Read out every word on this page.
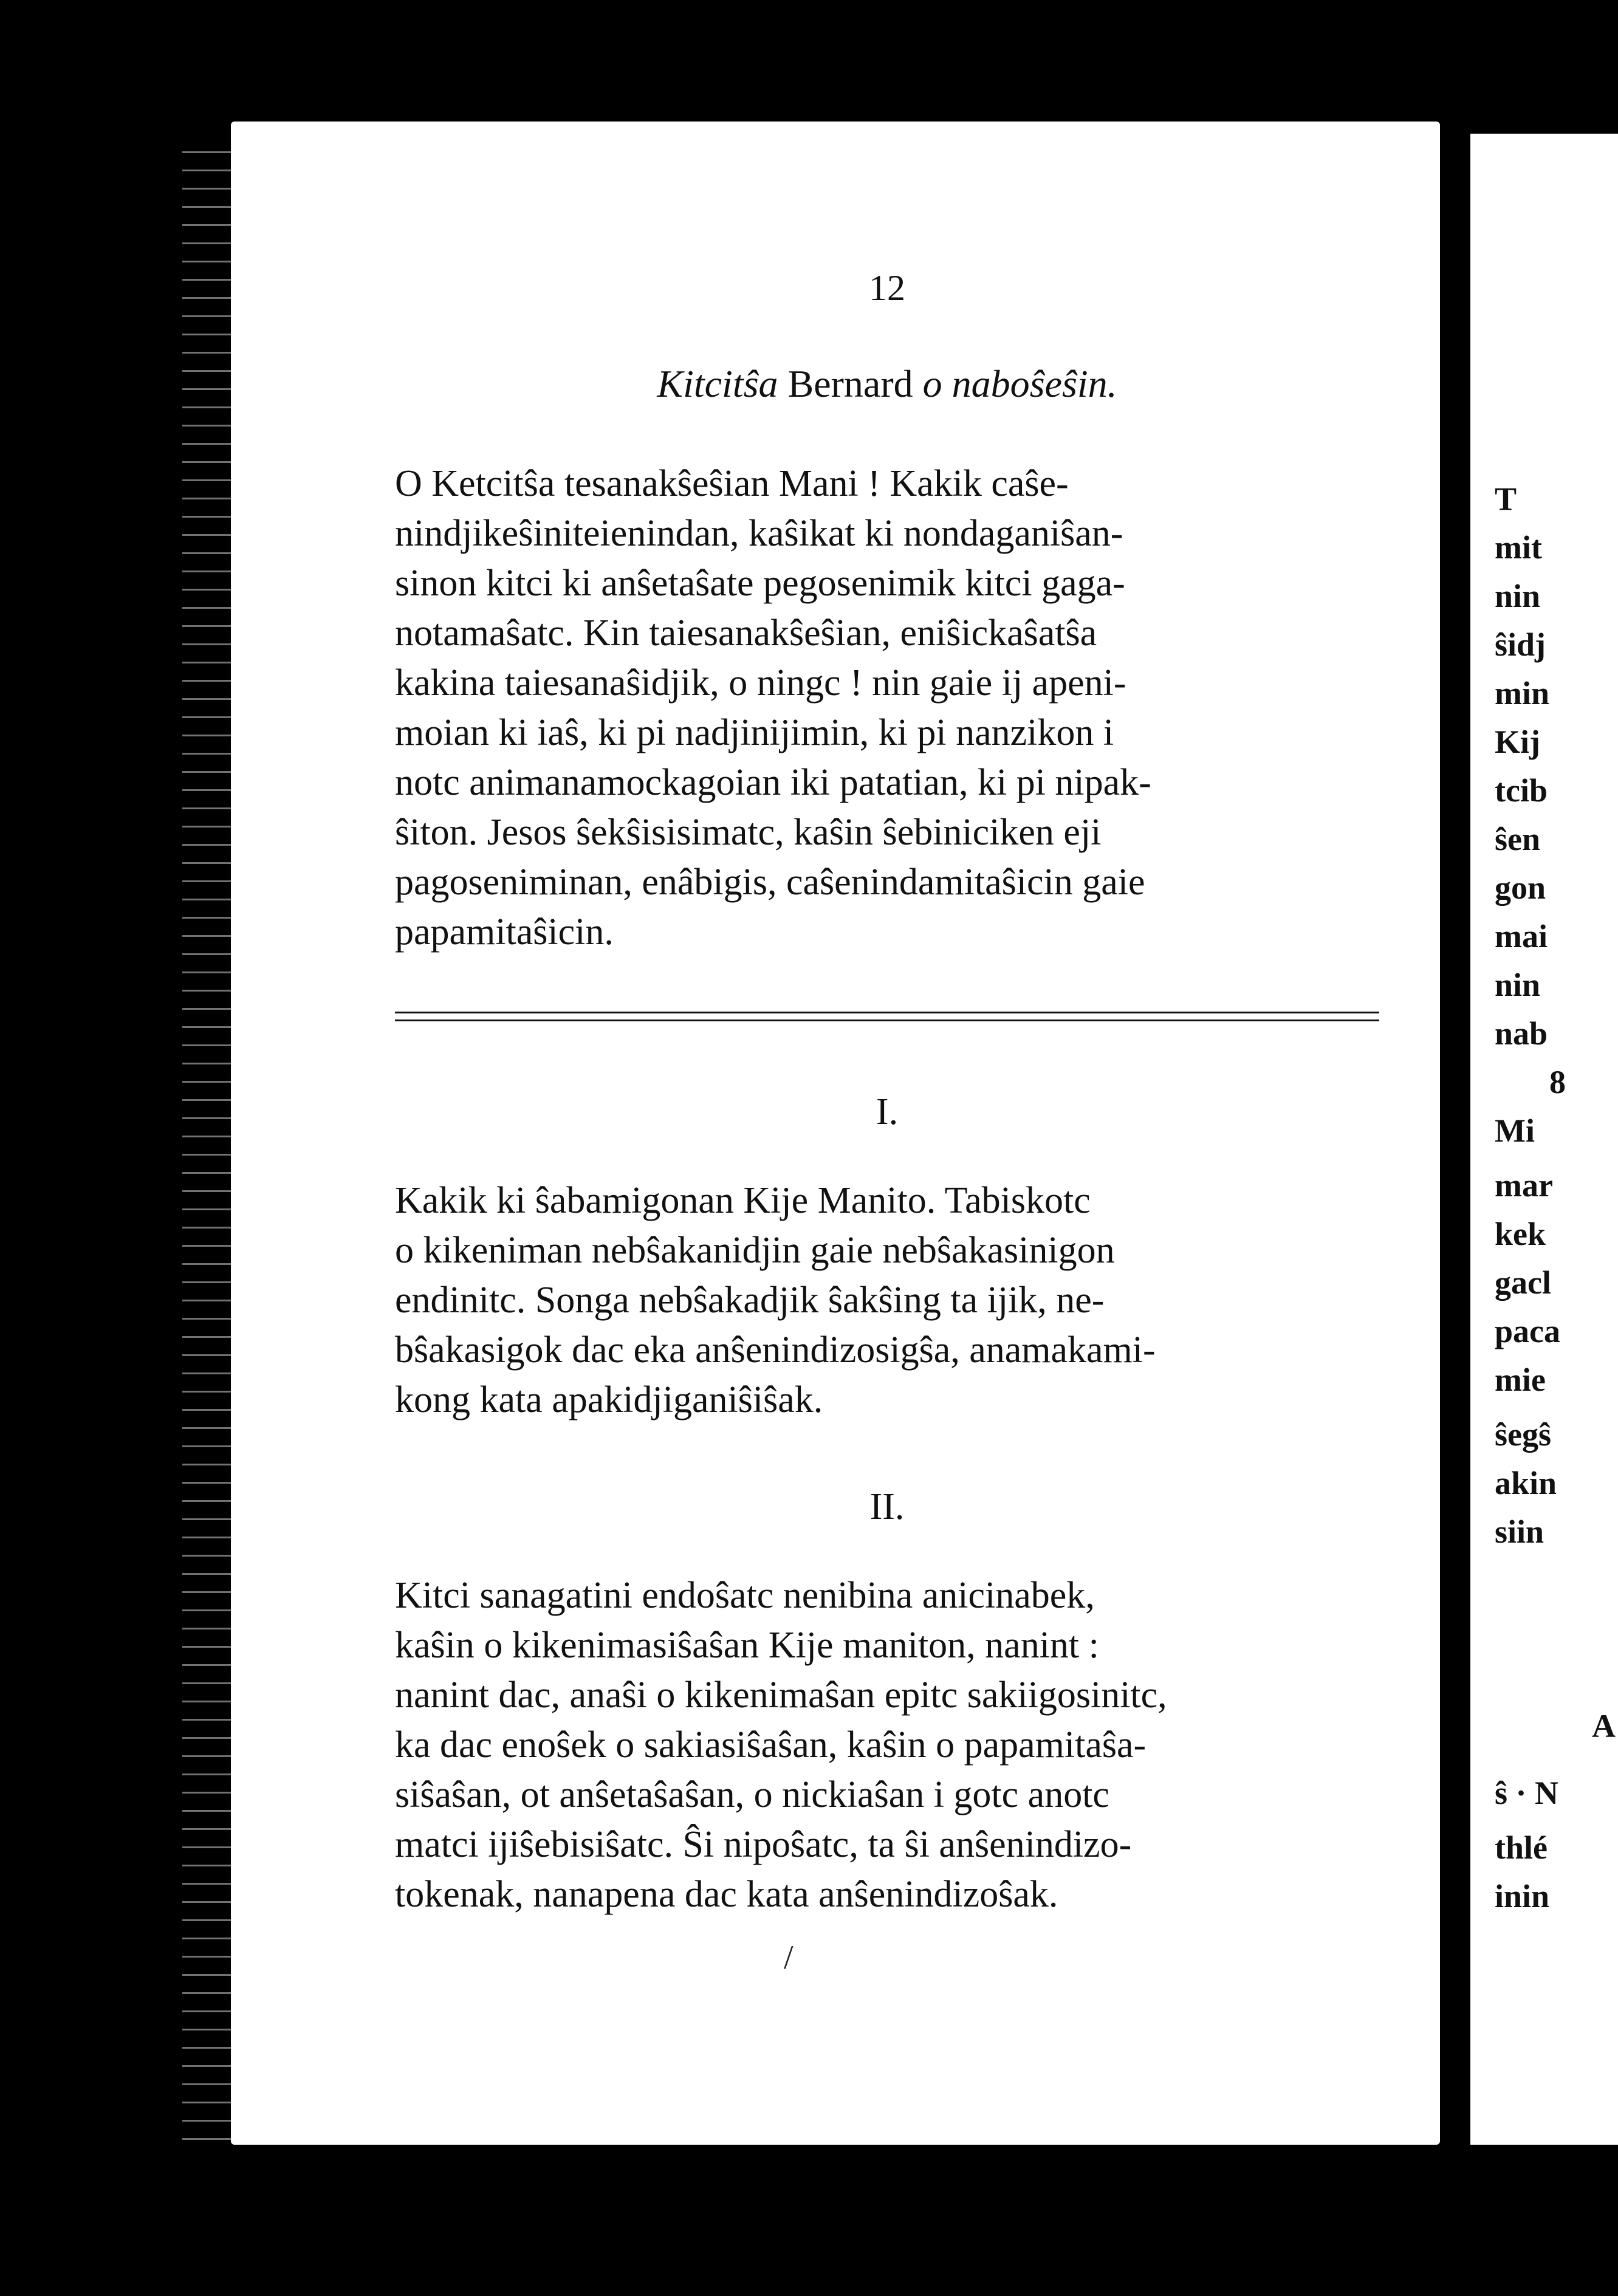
12
Kitcitŝa Bernard o naboŝeŝin.

O Ketcitŝa tesanakŝeŝian Mani ! Kakik caŝe-
nindjikeŝiniteienindan, kaŝikat ki nondaganiŝan-
sinon kitci ki anŝetaŝate pegosenimik kitci gaga-
notamaŝatc. Kin taiesanakŝeŝian, eniŝickaŝatŝa
kakina taiesanaŝidjik, o ningc ! nin gaie ij apeni-
moian ki iaŝ, ki pi nadjinijimin, ki pi nanzikon i
notc animanamockagoian iki patatian, ki pi nipak-
ŝiton. Jesos ŝekŝisisimatc, kaŝin ŝebiniciken eji
pagoseniminan, enâbigis, caŝenindamitaŝicin gaie
papamitaŝicin.

I.

Kakik ki ŝabamigonan Kije Manito. Tabiskotc
o kikeniman nebŝakanidjin gaie nebŝakasinigon
endinitc. Songa nebŝakadjik ŝakŝing ta ijik, ne-
bŝakasigok dac eka anŝenindizosigŝa, anamakami-
kong kata apakidjiganiŝiŝak.

II.

Kitci sanagatini endoŝatc nenibina anicinabek,
kaŝin o kikenimasiŝaŝan Kije maniton, nanint :
nanint dac, anaŝi o kikenimaŝan epitc sakiigosinitc,
ka dac enoŝek o sakiasiŝaŝan, kaŝin o papamitaŝa-
siŝaŝan, ot anŝetaŝaŝan, o nickiaŝan i gotc anotc
matci ijiŝebisiŝatc. Ŝi nipoŝatc, ta ŝi anŝenindizo-
tokenak, nanapena dac kata anŝenindizoŝak.

/
T
mit
nin
ŝidj
min
Kij
tcib
ŝen
gon
mai
nin
nab
8
Mi
mar
kek
gacl
paca
mie
ŝegŝ
akin
siin
A
ŝ · N
thlé
inin
